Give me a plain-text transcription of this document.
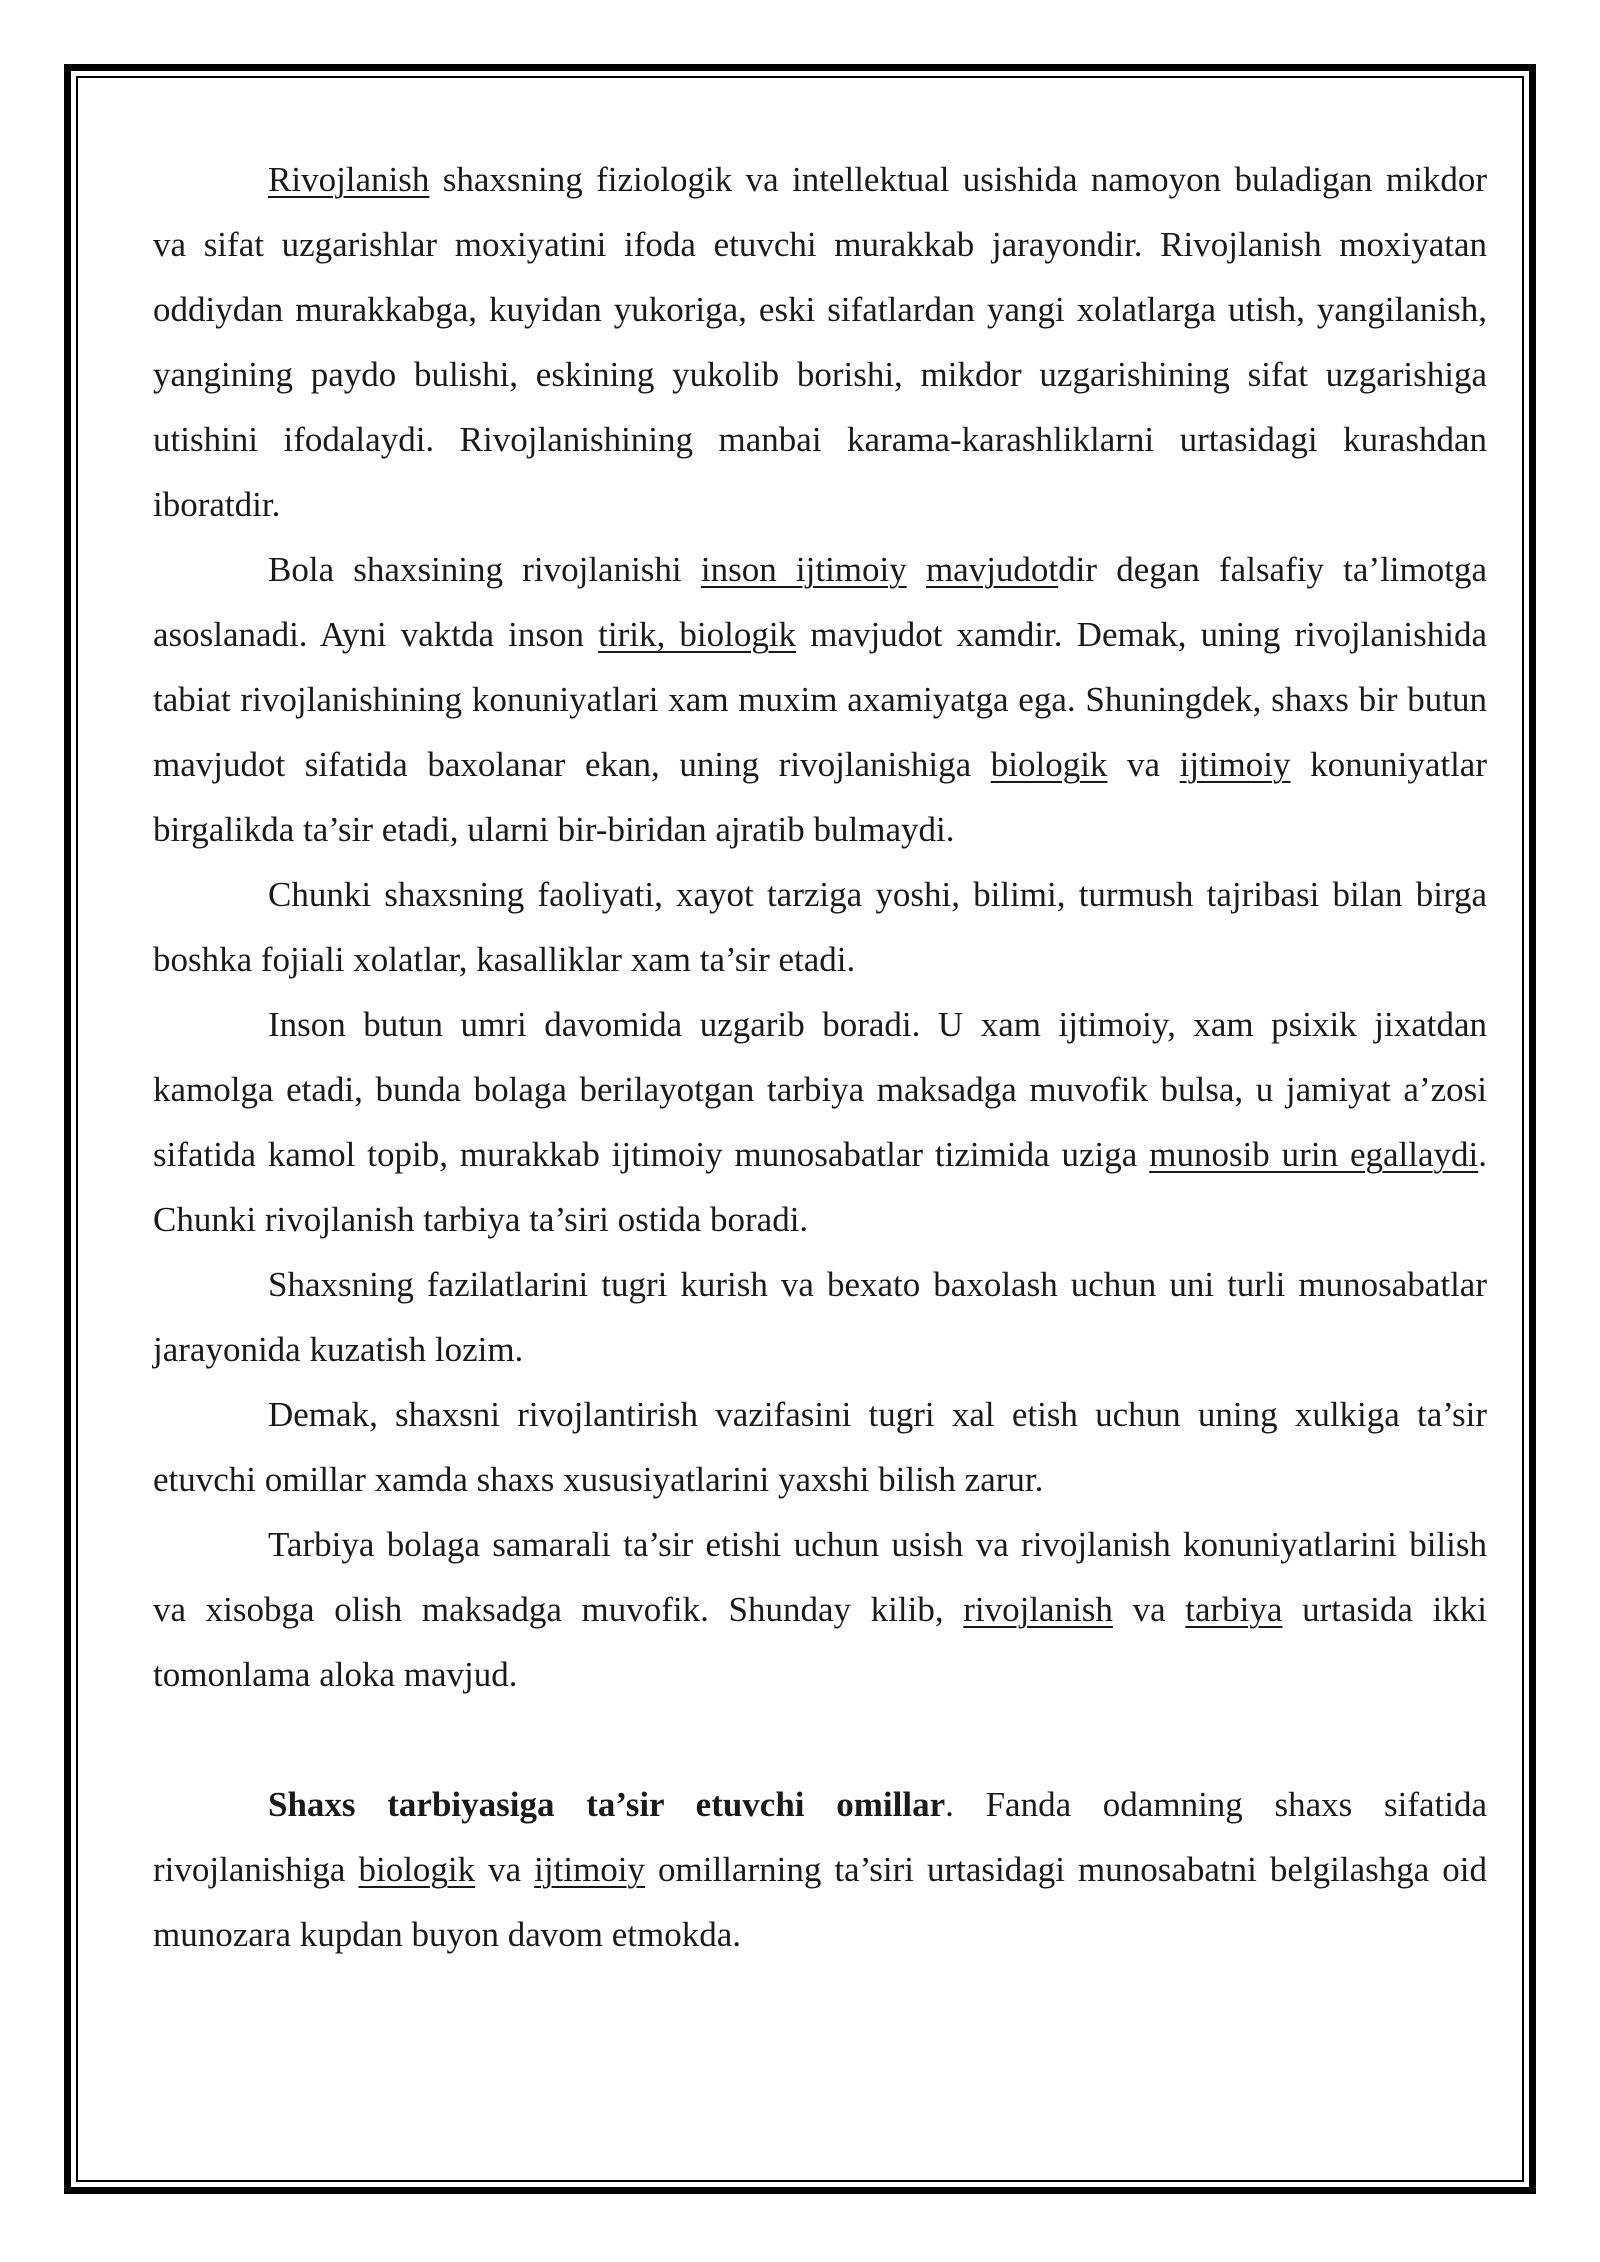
Rivojlanish shaxsning fiziologik va intellektual usishida namoyon buladigan mikdor va sifat uzgarishlar moxiyatini ifoda etuvchi murakkab jarayondir. Rivojlanish moxiyatan oddiydan murakkabga, kuyidan yukoriga, eski sifatlardan yangi xolatlarga utish, yangilanish, yangining paydo bulishi, eskining yukolib borishi, mikdor uzgarishining sifat uzgarishiga utishini ifodalaydi. Rivojlanishining manbai karama-karashliklarni urtasidagi kurashdan iboratdir.

Bola shaxsining rivojlanishi inson ijtimoiy mavjudotdir degan falsafiy ta’limotga asoslanadi. Ayni vaktda inson tirik, biologik mavjudot xamdir. Demak, uning rivojlanishida tabiat rivojlanishining konuniyatlari xam muxim axamiyatga ega. Shuningdek, shaxs bir butun mavjudot sifatida baxolanar ekan, uning rivojlanishiga biologik va ijtimoiy konuniyatlar birgalikda ta’sir etadi, ularni bir-biridan ajratib bulmaydi.

Chunki shaxsning faoliyati, xayot tarziga yoshi, bilimi, turmush tajribasi bilan birga boshka fojiali xolatlar, kasalliklar xam ta’sir etadi.

Inson butun umri davomida uzgarib boradi. U xam ijtimoiy, xam psixik jixatdan kamolga etadi, bunda bolaga berilayotgan tarbiya maksadga muvofik bulsa, u jamiyat a’zosi sifatida kamol topib, murakkab ijtimoiy munosabatlar tizimida uziga munosib urin egallaydi. Chunki rivojlanish tarbiya ta’siri ostida boradi.

Shaxsning fazilatlarini tugri kurish va bexato baxolash uchun uni turli munosabatlar jarayonida kuzatish lozim.

Demak, shaxsni rivojlantirish vazifasini tugri xal etish uchun uning xulkiga ta’sir etuvchi omillar xamda shaxs xususiyatlarini yaxshi bilish zarur.

Tarbiya bolaga samarali ta’sir etishi uchun usish va rivojlanish konuniyatlarini bilish va xisobga olish maksadga muvofik. Shunday kilib, rivojlanish va tarbiya urtasida ikki tomonlama aloka mavjud.

Shaxs tarbiyasiga ta’sir etuvchi omillar. Fanda odamning shaxs sifatida rivojlanishiga biologik va ijtimoiy omillarning ta’siri urtasidagi munosabatni belgilashga oid munozara kupdan buyon davom etmokda.
